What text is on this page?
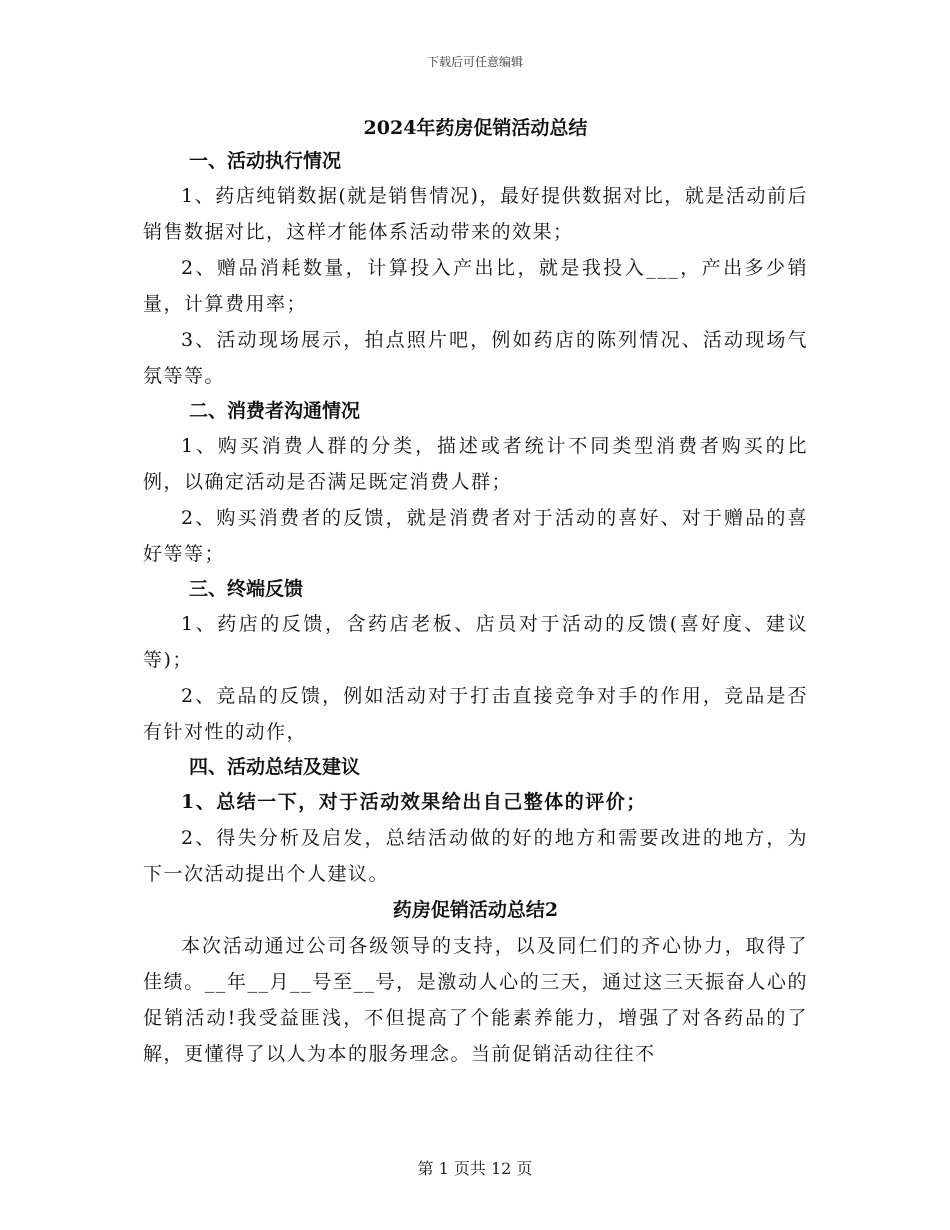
下载后可任意编辑

2024年药房促销活动总结

一、活动执行情况

1、药店纯销数据(就是销售情况)，最好提供数据对比，就是活动前后销售数据对比，这样才能体系活动带来的效果；

2、赠品消耗数量，计算投入产出比，就是我投入___，产出多少销量，计算费用率；

3、活动现场展示，拍点照片吧，例如药店的陈列情况、活动现场气氛等等。

二、消费者沟通情况

1、购买消费人群的分类，描述或者统计不同类型消费者购买的比例，以确定活动是否满足既定消费人群；

2、购买消费者的反馈，就是消费者对于活动的喜好、对于赠品的喜好等等；

三、终端反馈

1、药店的反馈，含药店老板、店员对于活动的反馈(喜好度、建议等)；

2、竞品的反馈，例如活动对于打击直接竞争对手的作用，竞品是否有针对性的动作，

四、活动总结及建议

1、总结一下，对于活动效果给出自己整体的评价；

2、得失分析及启发，总结活动做的好的地方和需要改进的地方，为下一次活动提出个人建议。

药房促销活动总结2

本次活动通过公司各级领导的支持，以及同仁们的齐心协力，取得了佳绩。__年__月__号至__号，是激动人心的三天，通过这三天振奋人心的促销活动!我受益匪浅，不但提高了个能素养能力，增强了对各药品的了解，更懂得了以人为本的服务理念。当前促销活动往往不

第 1 页共 12 页
